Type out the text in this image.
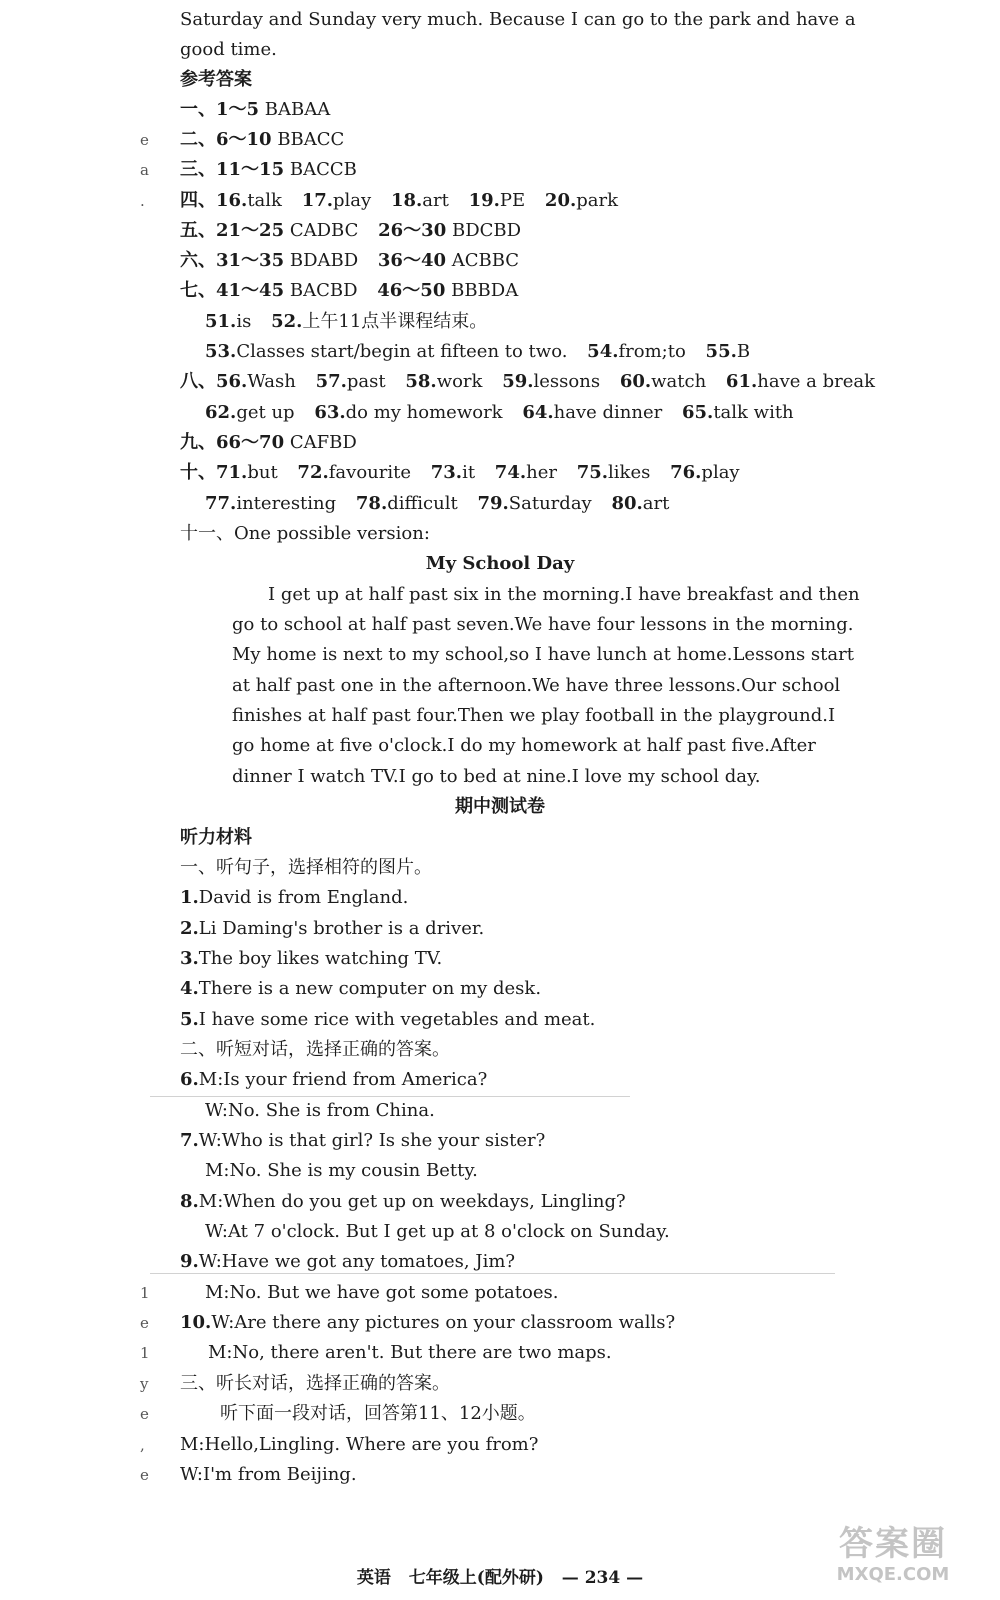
Saturday and Sunday very much. Because I can go to the park and have a
good time.
参考答案
一、1～5 BABAA
二、6～10 BBACC
三、11～15 BACCB
四、16.talk 17.play 18.art 19.PE 20.park
五、21～25 CADBC 26～30 BDCBD
六、31～35 BDABD 36～40 ACBBC
七、41～45 BACBD 46～50 BBBDA
51.is 52.上午11点半课程结束。
53.Classes start/begin at fifteen to two. 54.from;to 55.B
八、56.Wash 57.past 58.work 59.lessons 60.watch 61.have a break
62.get up 63.do my homework 64.have dinner 65.talk with
九、66～70 CAFBD
十、71.but 72.favourite 73.it 74.her 75.likes 76.play
77.interesting 78.difficult 79.Saturday 80.art
十一、One possible version:
My School Day
I get up at half past six in the morning.I have breakfast and then
go to school at half past seven.We have four lessons in the morning.
My home is next to my school,so I have lunch at home.Lessons start
at half past one in the afternoon.We have three lessons.Our school
finishes at half past four.Then we play football in the playground.I
go home at five o'clock.I do my homework at half past five.After
dinner I watch TV.I go to bed at nine.I love my school day.
期中测试卷
听力材料
一、听句子，选择相符的图片。
1.David is from England.
2.Li Daming's brother is a driver.
3.The boy likes watching TV.
4.There is a new computer on my desk.
5.I have some rice with vegetables and meat.
二、听短对话，选择正确的答案。
6.M:Is your friend from America?
W:No. She is from China.
7.W:Who is that girl? Is she your sister?
M:No. She is my cousin Betty.
8.M:When do you get up on weekdays, Lingling?
W:At 7 o'clock. But I get up at 8 o'clock on Sunday.
9.W:Have we got any tomatoes, Jim?
M:No. But we have got some potatoes.
10.W:Are there any pictures on your classroom walls?
M:No, there aren't. But there are two maps.
三、听长对话，选择正确的答案。
听下面一段对话，回答第11、12小题。
M:Hello,Lingling. Where are you from?
W:I'm from Beijing.
e
a
.
1
e
1
y
e
,
e
英语 七年级上(配外研) — 234 —
答案圈
MXQE.COM
